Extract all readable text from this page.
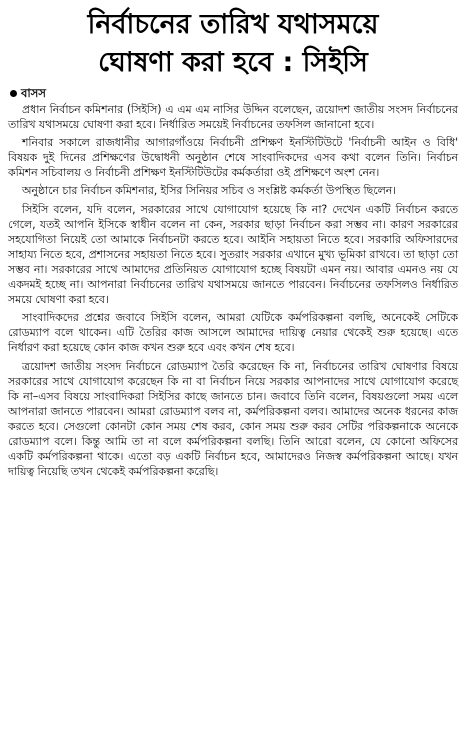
নির্বাচনের তারিখ যথাসময়ে
ঘোষণা করা হবে : সিইসি
বাসস

প্রধান নির্বাচন কমিশনার (সিইসি) এ এম এম নাসির উদ্দিন বলেছেন, ত্রয়োদশ জাতীয় সংসদ নির্বাচনের তারিখ যথাসময়ে ঘোষণা করা হবে। নির্ধারিত সময়েই নির্বাচনের তফসিল জানানো হবে।

শনিবার সকালে রাজধানীর আগারগাঁওয়ে নির্বাচনী প্রশিক্ষণ ইনস্টিটিউটে 'নির্বাচনী আইন ও বিধি' বিষয়ক দুই দিনের প্রশিক্ষণের উদ্বোধনী অনুষ্ঠান শেষে সাংবাদিকদের এসব কথা বলেন তিনি। নির্বাচন কমিশন সচিবালয় ও নির্বাচনী প্রশিক্ষণ ইনস্টিটিউটের কর্মকর্তারা ওই প্রশিক্ষণে অংশ নেন।

অনুষ্ঠানে চার নির্বাচন কমিশনার, ইসির সিনিয়র সচিব ও সংশ্লিষ্ট কর্মকর্তা উপস্থিত ছিলেন।

সিইসি বলেন, যদি বলেন, সরকারের সাথে যোগাযোগ হয়েছে কি না? দেখেন একটি নির্বাচন করতে গেলে, যতই আপনি ইসিকে স্বাধীন বলেন না কেন, সরকার ছাড়া নির্বাচন করা সম্ভব না। কারণ সরকারের সহযোগিতা নিয়েই তো আমাকে নির্বাচনটা করতে হবে। আইনি সহায়তা নিতে হবে। সরকারি অফিসারদের সাহায্য নিতে হবে, প্রশাসনের সহায়তা নিতে হবে। সুতরাং সরকার এখানে মুখ্য ভূমিকা রাখবে। তা ছাড়া তো সম্ভব না। সরকারের সাথে আমাদের প্রতিনিয়ত যোগাযোগ হচ্ছে বিষয়টা এমন নয়। আবার এমনও নয় যে একদমই হচ্ছে না। আপনারা নির্বাচনের তারিখ যথাসময়ে জানতে পারবেন। নির্বাচনের তফসিলও নির্ধারিত সময়ে ঘোষণা করা হবে।

সাংবাদিকদের প্রশ্নের জবাবে সিইসি বলেন, আমরা যেটিকে কর্মপরিকল্পনা বলছি, অনেকেই সেটিকে রোডম্যাপ বলে থাকেন। এটি তৈরির কাজ আসলে আমাদের দায়িত্ব নেয়ার থেকেই শুরু হয়েছে। এতে নির্ধারণ করা হয়েছে কোন কাজ কখন শুরু হবে এবং কখন শেষ হবে।

ত্রয়োদশ জাতীয় সংসদ নির্বাচনে রোডম্যাপ তৈরি করেছেন কি না, নির্বাচনের তারিখ ঘোষণার বিষয়ে সরকারের সাথে যোগাযোগ করেছেন কি না বা নির্বাচন নিয়ে সরকার আপনাদের সাথে যোগাযোগ করেছে কি না–এসব বিষয়ে সাংবাদিকরা সিইসির কাছে জানতে চান। জবাবে তিনি বলেন, বিষয়গুলো সময় এলে আপনারা জানতে পারবেন। আমরা রোডম্যাপ বলব না, কর্মপরিকল্পনা বলব। আমাদের অনেক ধরনের কাজ করতে হবে। সেগুলো কোনটা কোন সময় শেষ করব, কোন সময় শুরু করব সেটির পরিকল্পনাকে অনেকে রোডম্যাপ বলে। কিন্তু আমি তা না বলে কর্মপরিকল্পনা বলছি। তিনি আরো বলেন, যে কোনো অফিসের একটি কর্মপরিকল্পনা থাকে। এতো বড় একটি নির্বাচন হবে, আমাদেরও নিজস্ব কর্মপরিকল্পনা আছে। যখন দায়িত্ব নিয়েছি তখন থেকেই কর্মপরিকল্পনা করেছি।
